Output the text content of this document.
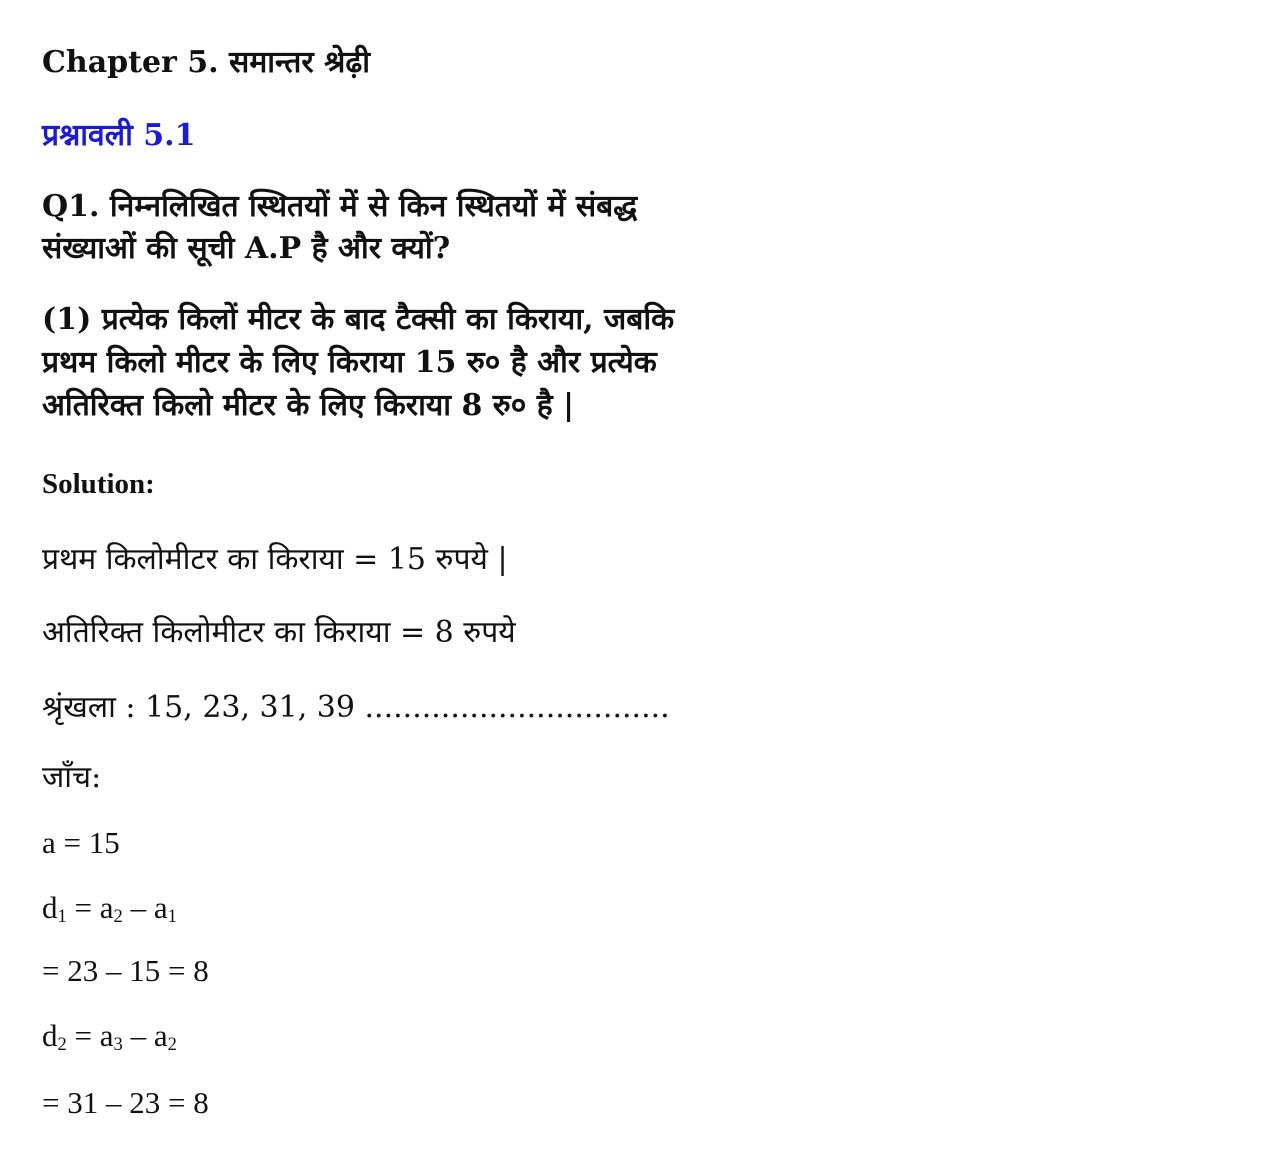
Chapter 5. समान्तर श्रेढ़ी
प्रश्नावली 5.1
Q1. निम्नलिखित स्थितयों में से किन स्थितयों में संबद्ध
संख्याओं की सूची A.P है और क्यों?
(1) प्रत्येक किलों मीटर के बाद टैक्सी का किराया, जबकि
प्रथम किलो मीटर के लिए किराया 15 रु० है और प्रत्येक
अतिरिक्त किलो मीटर के लिए किराया 8 रु० है |
Solution:
प्रथम किलोमीटर का किराया = 15 रुपये |
अतिरिक्त किलोमीटर का किराया = 8 रुपये
श्रृंखला : 15, 23, 31, 39 ................................
जाँच:
a = 15
$d_1 = a_2 - a_1$
= 23 – 15 = 8
$d_2 = a_3 - a_2$
= 31 – 23 = 8
